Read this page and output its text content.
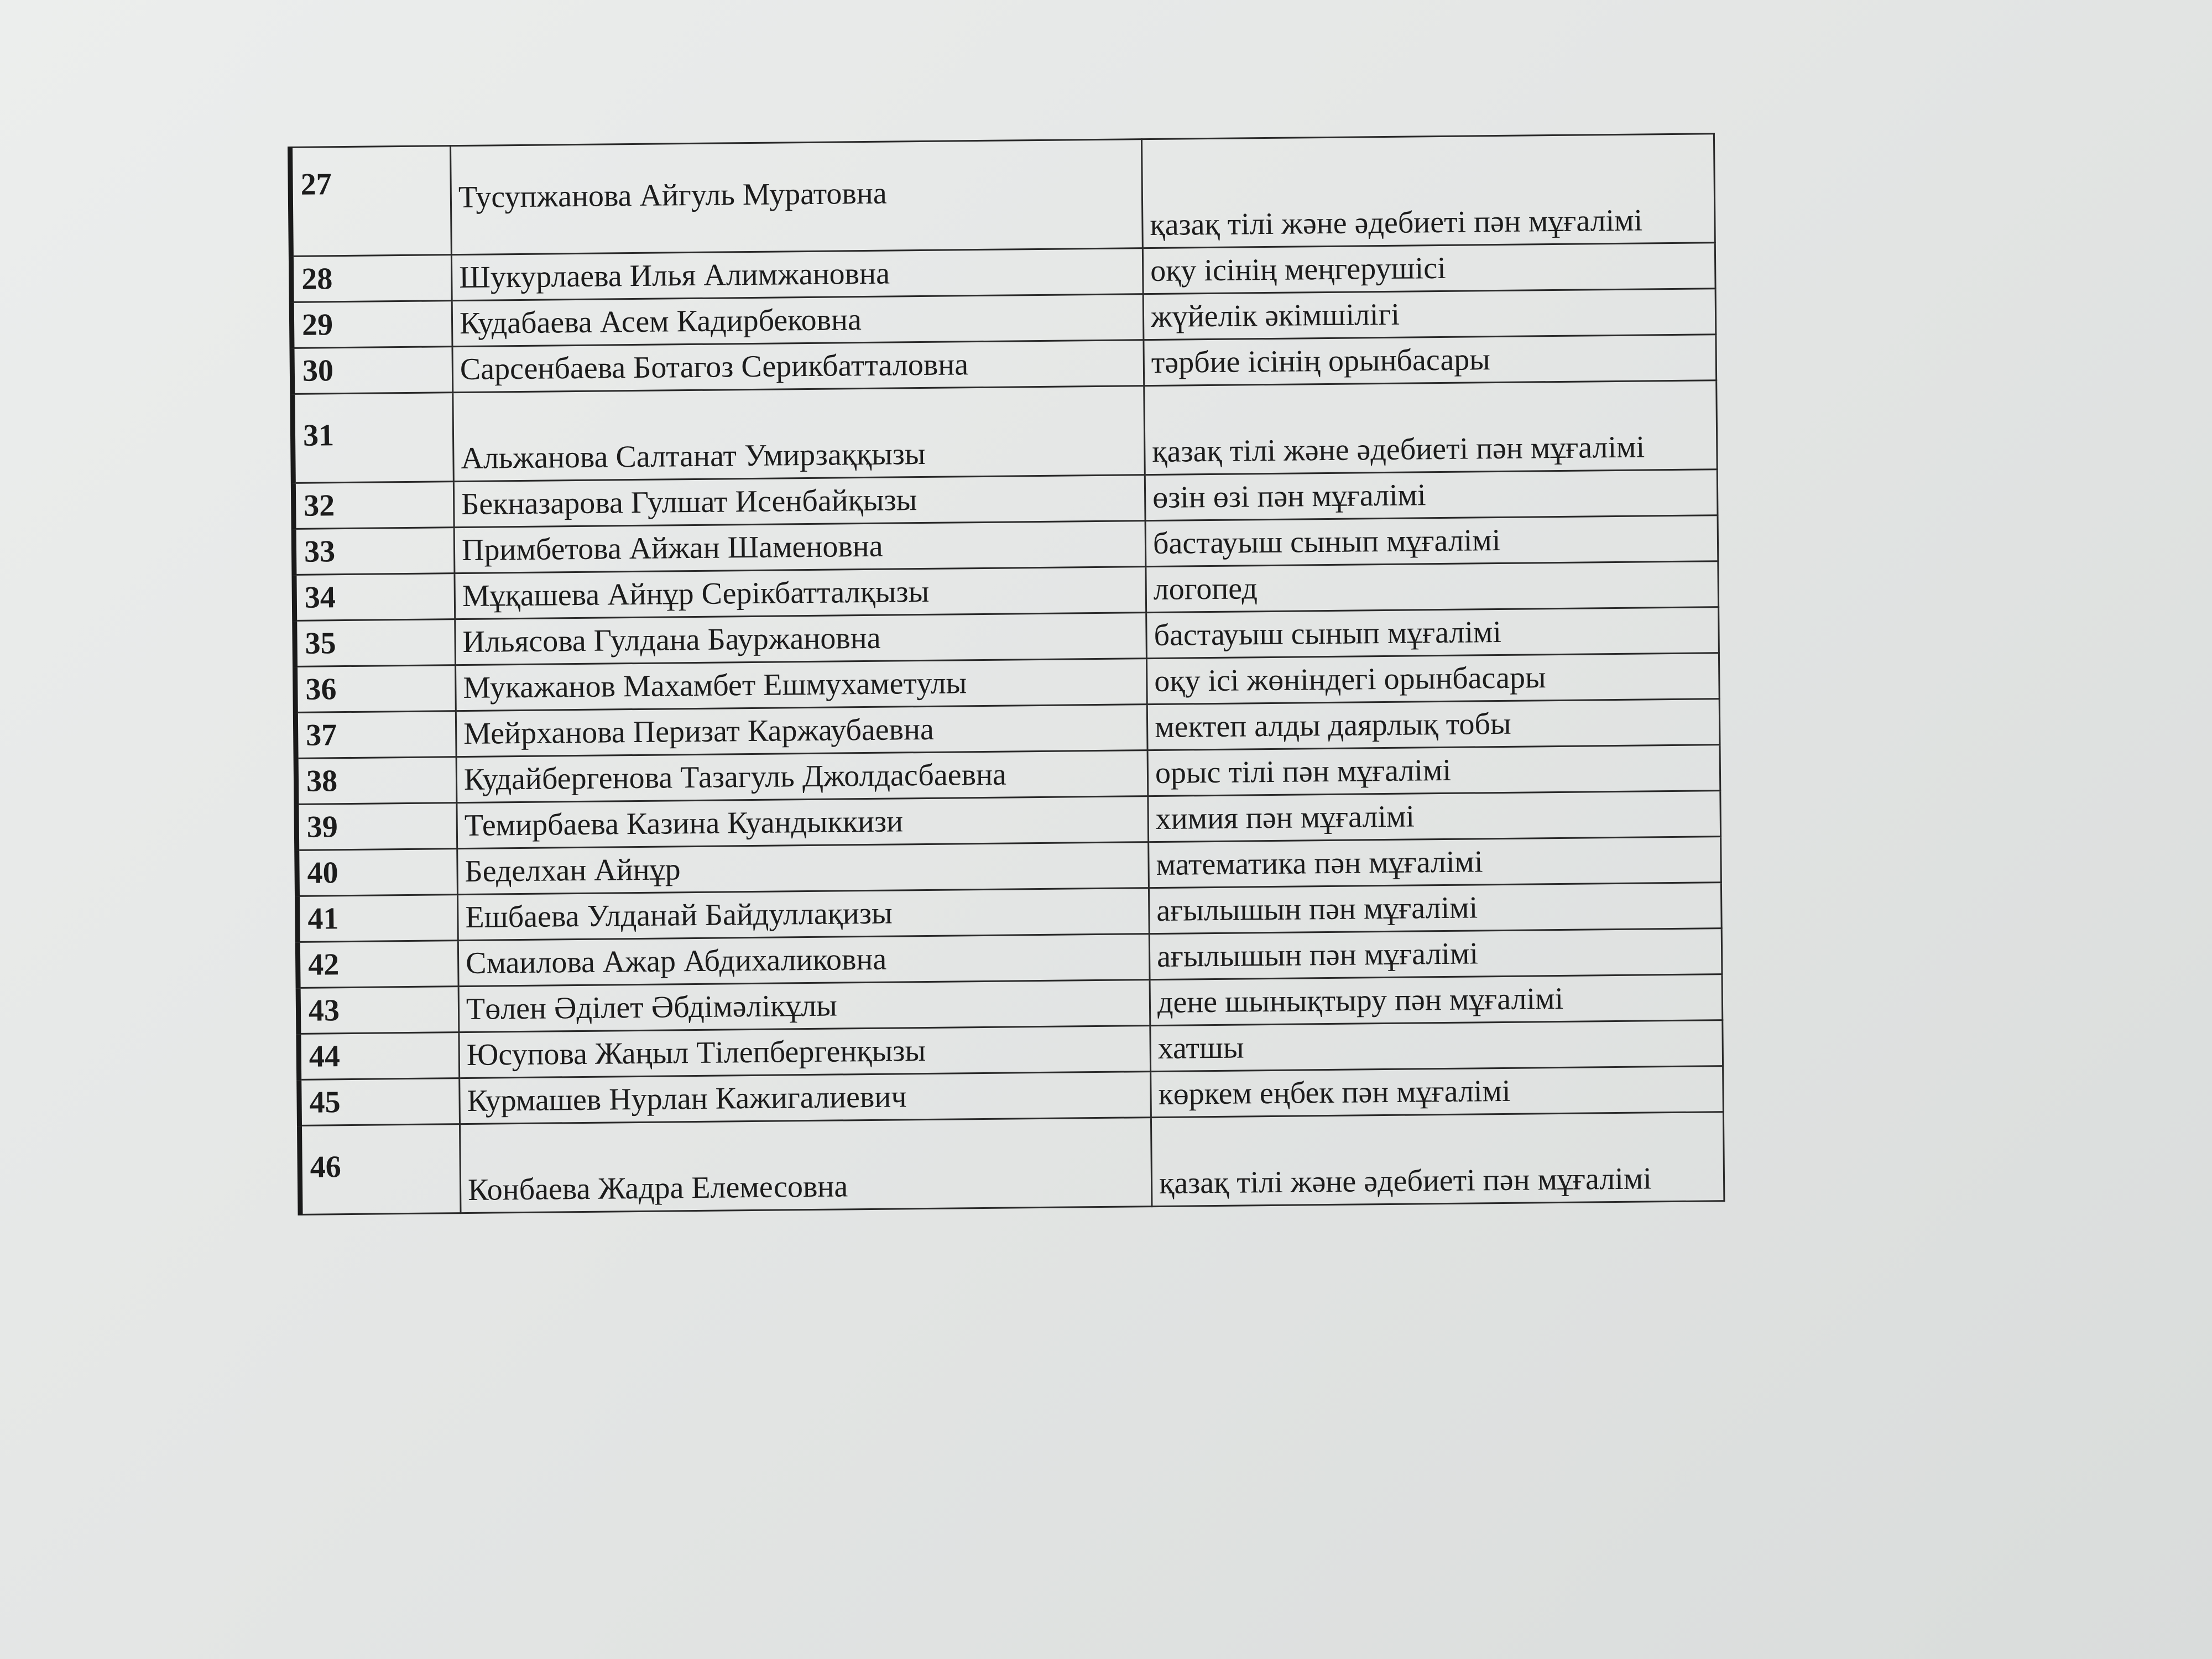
27	Тусупжанова Айгуль Муратовна	қазақ тілі және әдебиеті пән мұғалімі
28	Шукурлаева Илья Алимжановна	оқу ісінің меңгерушісі
29	Кудабаева Асем Кадирбековна	жүйелік әкімшілігі
30	Сарсенбаева Ботагоз Серикбатталовна	тәрбие ісінің орынбасары
31	Альжанова Салтанат Умирзаққызы	қазақ тілі және әдебиеті пән мұғалімі
32	Бекназарова Гулшат Исенбайқызы	өзін өзі пән мұғалімі
33	Примбетова Айжан Шаменовна	бастауыш сынып мұғалімі
34	Мұқашева Айнұр Серікбатталқызы	логопед
35	Ильясова Гулдана Бауржановна	бастауыш сынып мұғалімі
36	Мукажанов Махамбет Ешмухаметулы	оқу ісі жөніндегі орынбасары
37	Мейрханова Перизат Каржаубаевна	мектеп алды даярлық тобы
38	Кудайбергенова Тазагуль Джолдасбаевна	орыс тілі пән мұғалімі
39	Темирбаева Казина Куандыккизи	химия пән мұғалімі
40	Беделхан Айнұр	математика пән мұғалімі
41	Ешбаева Улданай Байдуллақизы	ағылышын пән мұғалімі
42	Смаилова Ажар Абдихаликовна	ағылышын пән мұғалімі
43	Төлен Әділет Әбдімәлікұлы	дене шынықтыру пән мұғалімі
44	Юсупова Жаңыл Тілепбергенқызы	хатшы
45	Курмашев Нурлан Кажигалиевич	көркем еңбек пән мұғалімі
46	Конбаева Жадра Елемесовна	қазақ тілі және әдебиеті пән мұғалімі
